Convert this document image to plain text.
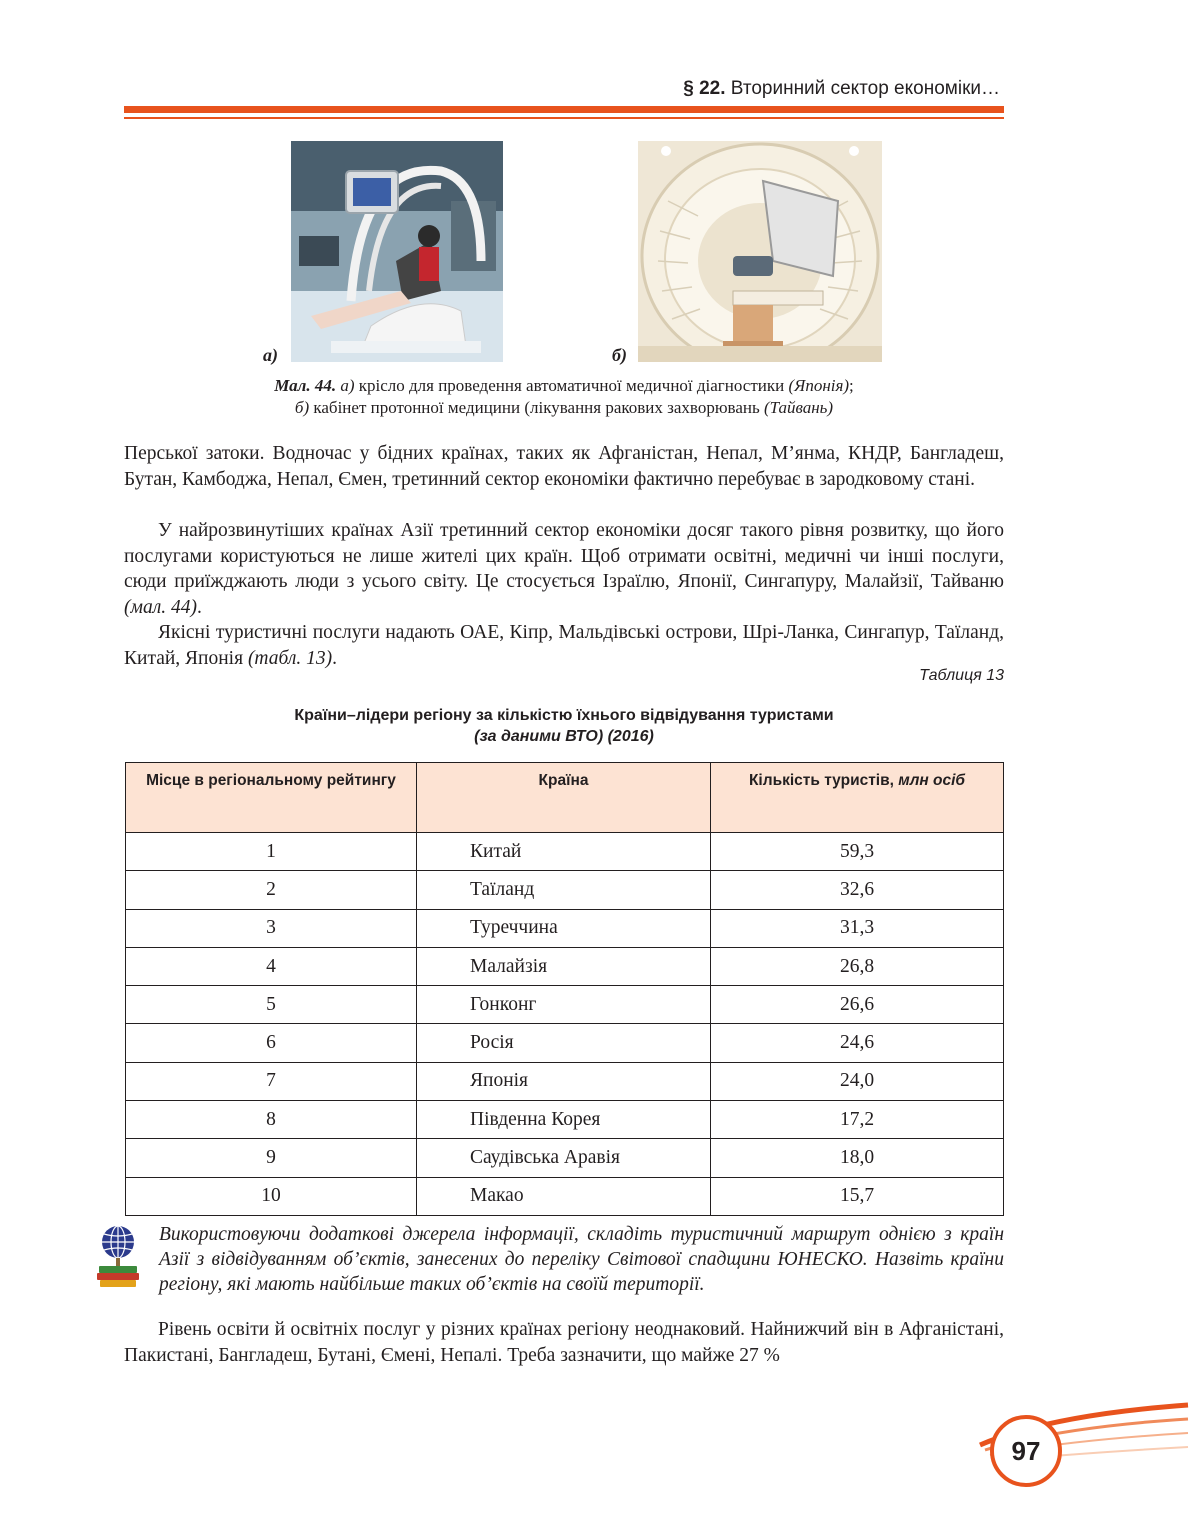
§ 22. Вторинний сектор економіки…
а)	б)
Мал. 44. а) крісло для проведення автоматичної медичної діагностики (Японія);
б) кабінет протонної медицини (лікування ракових захворювань (Тайвань)

Перської затоки. Водночас у бідних країнах, таких як Афганістан, Непал, М’янма, КНДР, Бангладеш, Бутан, Камбоджа, Непал, Ємен, третинний сектор економіки фактично перебуває в зародковому стані.

У найрозвинутіших країнах Азії третинний сектор економіки досяг такого рівня розвитку, що його послугами користуються не лише жителі цих країн. Щоб отримати освітні, медичні чи інші послуги, сюди приїжджають люди з усього світу. Це стосується Ізраїлю, Японії, Сингапуру, Малайзії, Тайваню (мал. 44).

Якісні туристичні послуги надають ОАЕ, Кіпр, Мальдівські острови, Шрі-Ланка, Сингапур, Таїланд, Китай, Японія (табл. 13).

Таблиця 13
Країни–лідери регіону за кількістю їхнього відвідування туристами
(за даними ВТО) (2016)
Місце в регіональному рейтингу	Країна	Кількість туристів, млн осіб
1	Китай	59,3
2	Таїланд	32,6
3	Туреччина	31,3
4	Малайзія	26,8
5	Гонконг	26,6
6	Росія	24,6
7	Японія	24,0
8	Південна Корея	17,2
9	Саудівська Аравія	18,0
10	Макао	15,7

Використовуючи додаткові джерела інформації, складіть туристичний маршрут однією з країн Азії з відвідуванням об’єктів, занесених до переліку Світової спадщини ЮНЕСКО. Назвіть країни регіону, які мають найбільше таких об’єктів на своїй території.

Рівень освіти й освітніх послуг у різних країнах регіону неоднаковий. Найнижчий він в Афганістані, Пакистані, Бангладеш, Бутані, Ємені, Непалі. Треба зазначити, що майже 27 %

97
